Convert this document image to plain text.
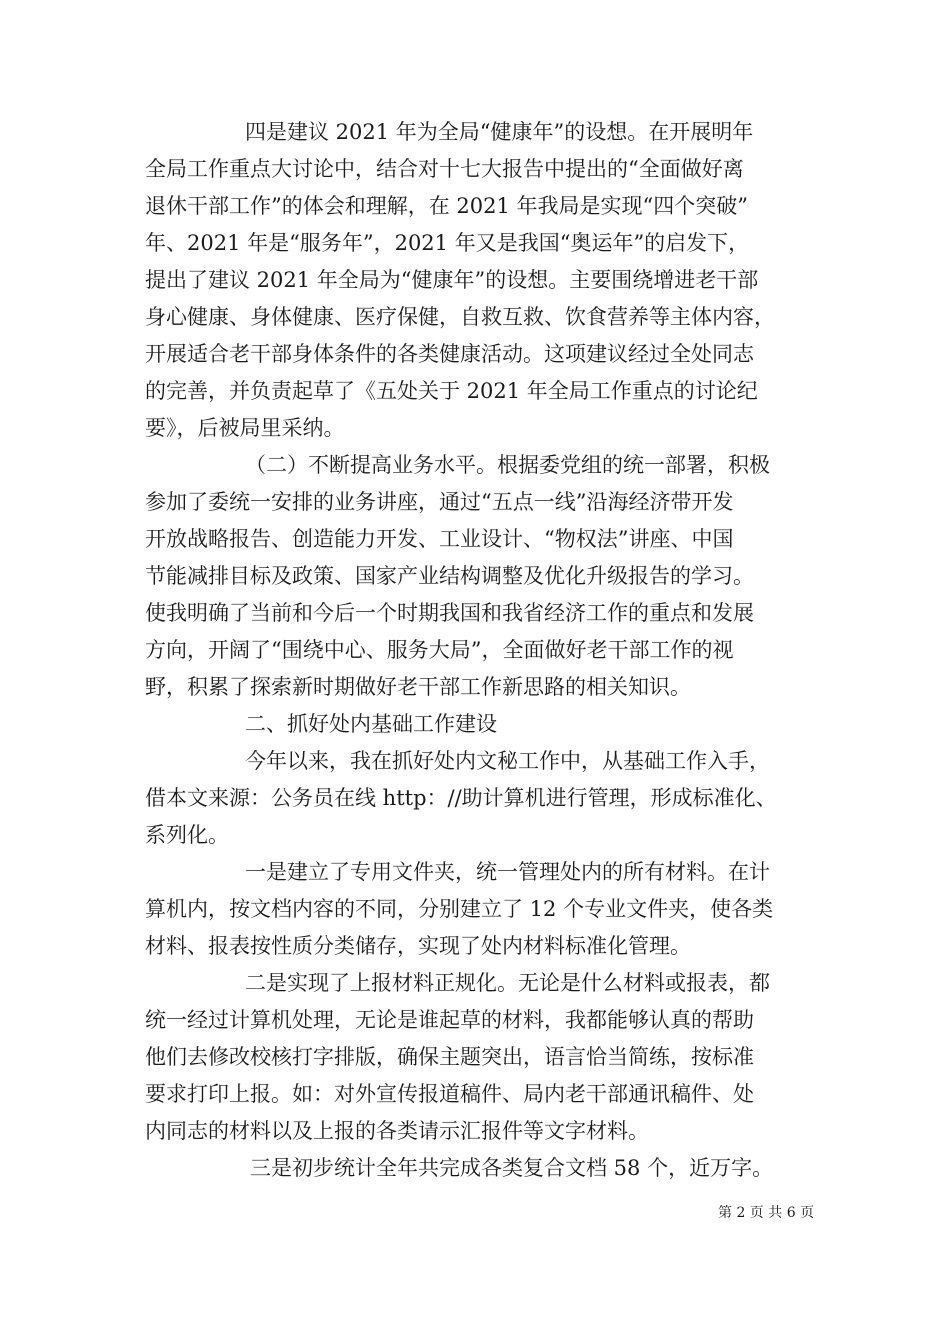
四是建议 2021 年为全局“健康年”的设想。在开展明年
全局工作重点大讨论中，结合对十七大报告中提出的“全面做好离
退休干部工作”的体会和理解，在 2021 年我局是实现“四个突破”
年、2021 年是“服务年”，2021 年又是我国“奥运年”的启发下，
提出了建议 2021 年全局为“健康年”的设想。主要围绕增进老干部
身心健康、身体健康、医疗保健，自救互救、饮食营养等主体内容，
开展适合老干部身体条件的各类健康活动。这项建议经过全处同志
的完善，并负责起草了《五处关于 2021 年全局工作重点的讨论纪
要》，后被局里采纳。
（二）不断提高业务水平。根据委党组的统一部署，积极
参加了委统一安排的业务讲座，通过“五点一线”沿海经济带开发
开放战略报告、创造能力开发、工业设计、“物权法”讲座、中国
节能减排目标及政策、国家产业结构调整及优化升级报告的学习。
使我明确了当前和今后一个时期我国和我省经济工作的重点和发展
方向，开阔了“围绕中心、服务大局”，全面做好老干部工作的视
野，积累了探索新时期做好老干部工作新思路的相关知识。
二、抓好处内基础工作建设
今年以来，我在抓好处内文秘工作中，从基础工作入手，
借本文来源：公务员在线 http：//助计算机进行管理，形成标准化、
系列化。
一是建立了专用文件夹，统一管理处内的所有材料。在计
算机内，按文档内容的不同，分别建立了 12 个专业文件夹，使各类
材料、报表按性质分类储存，实现了处内材料标准化管理。
二是实现了上报材料正规化。无论是什么材料或报表，都
统一经过计算机处理，无论是谁起草的材料，我都能够认真的帮助
他们去修改校核打字排版，确保主题突出，语言恰当简练，按标准
要求打印上报。如：对外宣传报道稿件、局内老干部通讯稿件、处
内同志的材料以及上报的各类请示汇报件等文字材料。
三是初步统计全年共完成各类复合文档 58 个，近万字。
第 2 页 共 6 页
